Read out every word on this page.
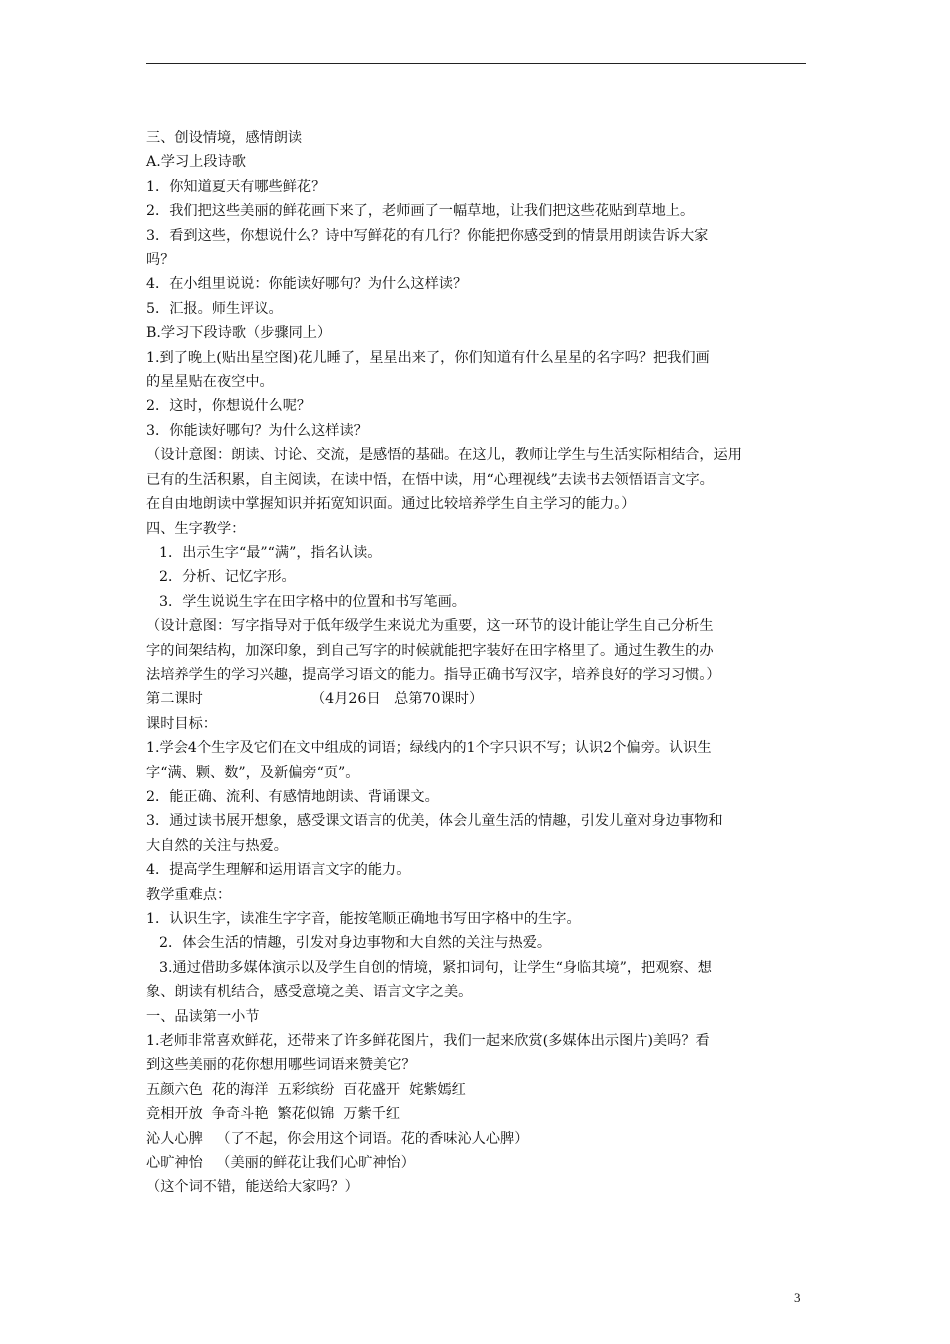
三、创设情境，感情朗读

A.学习上段诗歌

1．你知道夏天有哪些鲜花？

2．我们把这些美丽的鲜花画下来了，老师画了一幅草地，让我们把这些花贴到草地上。

3．看到这些，你想说什么？诗中写鲜花的有几行？你能把你感受到的情景用朗读告诉大家

吗？

4．在小组里说说：你能读好哪句？为什么这样读？

5．汇报。师生评议。

B.学习下段诗歌（步骤同上）

1.到了晚上(贴出星空图)花儿睡了，星星出来了，你们知道有什么星星的名字吗？把我们画

的星星贴在夜空中。

2．这时，你想说什么呢？

3．你能读好哪句？为什么这样读？

（设计意图：朗读、讨论、交流，是感悟的基础。在这儿，教师让学生与生活实际相结合，运用

已有的生活积累，自主阅读，在读中悟，在悟中读，用“心理视线”去读书去领悟语言文字。

在自由地朗读中掌握知识并拓宽知识面。通过比较培养学生自主学习的能力。）

四、生字教学：

1．出示生字“最”“满”，指名认读。

2．分析、记忆字形。

3．学生说说生字在田字格中的位置和书写笔画。

（设计意图：写字指导对于低年级学生来说尤为重要，这一环节的设计能让学生自己分析生

字的间架结构，加深印象，到自己写字的时候就能把字装好在田字格里了。通过生教生的办

法培养学生的学习兴趣，提高学习语文的能力。指导正确书写汉字，培养良好的学习习惯。）

第二课时                        （4月26日   总第70课时）

课时目标：

1.学会4个生字及它们在文中组成的词语；绿线内的1个字只识不写；认识2个偏旁。认识生

字“满、颗、数”，及新偏旁“页”。

2．能正确、流利、有感情地朗读、背诵课文。

3．通过读书展开想象，感受课文语言的优美，体会儿童生活的情趣，引发儿童对身边事物和

大自然的关注与热爱。

4．提高学生理解和运用语言文字的能力。

教学重难点：

1．认识生字，读准生字字音，能按笔顺正确地书写田字格中的生字。

2．体会生活的情趣，引发对身边事物和大自然的关注与热爱。

3.通过借助多媒体演示以及学生自创的情境，紧扣词句，让学生“身临其境”，把观察、想

象、朗读有机结合，感受意境之美、语言文字之美。

一、品读第一小节

1.老师非常喜欢鲜花，还带来了许多鲜花图片，我们一起来欣赏(多媒体出示图片)美吗？看

到这些美丽的花你想用哪些词语来赞美它？

五颜六色  花的海洋  五彩缤纷  百花盛开  姹紫嫣红

竞相开放  争奇斗艳  繁花似锦  万紫千红

沁人心脾   （了不起，你会用这个词语。花的香味沁人心脾）

心旷神怡   （美丽的鲜花让我们心旷神怡）

（这个词不错，能送给大家吗？）

3
